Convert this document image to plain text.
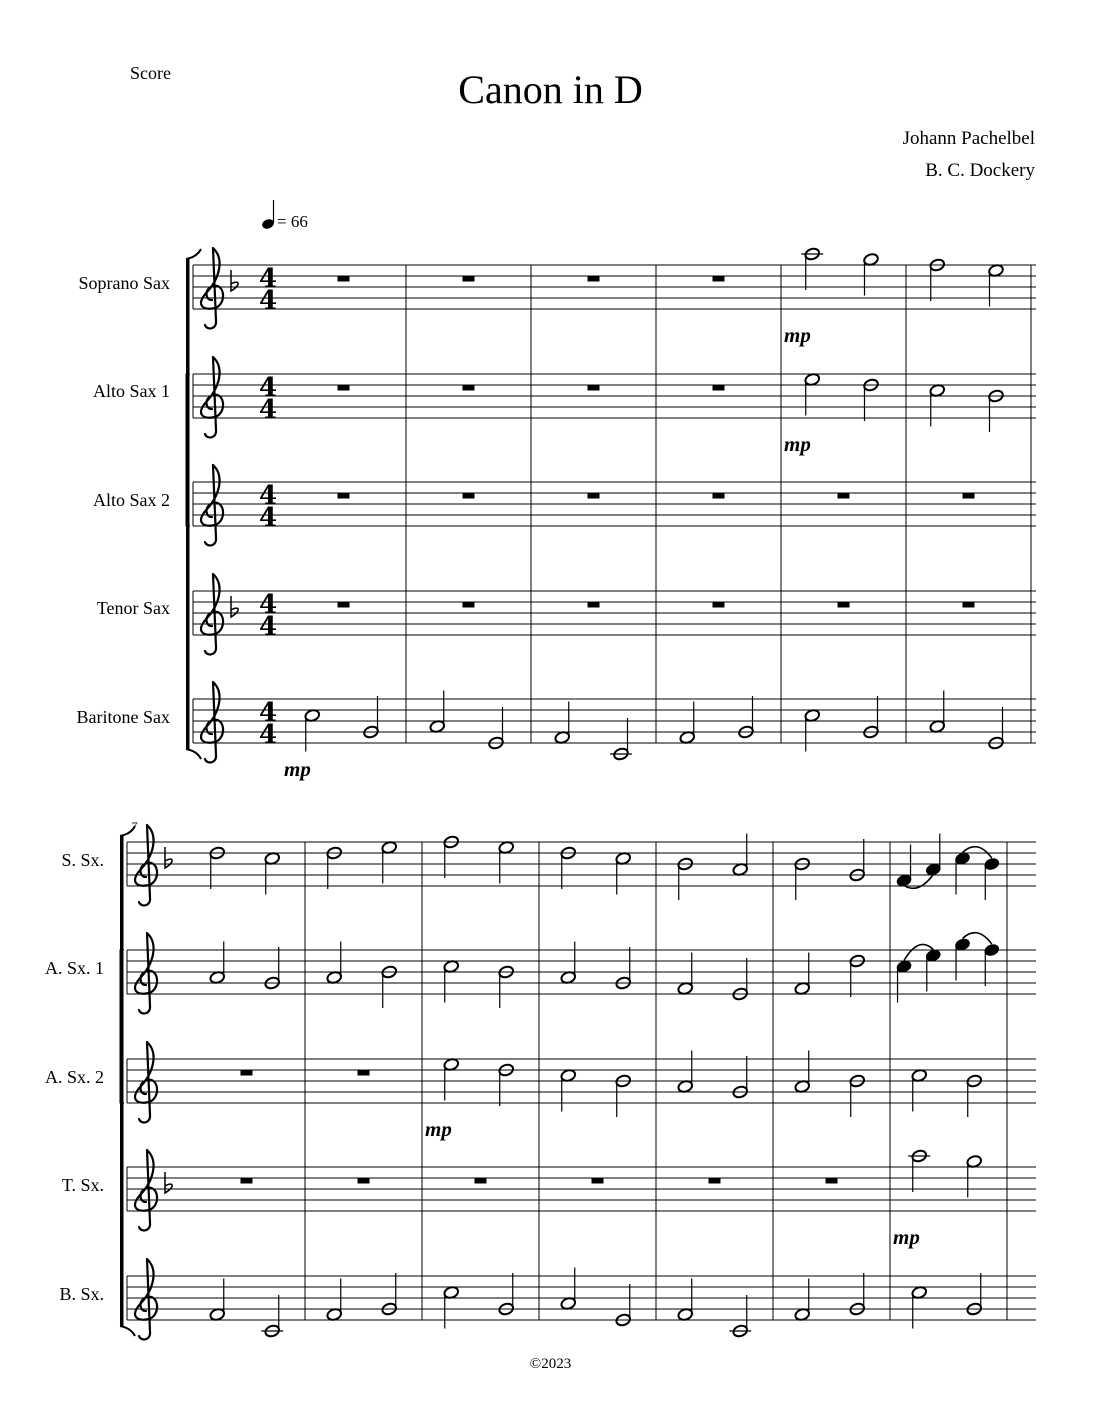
Score	Canon in D
Johann Pachelbel
B. C. Dockery
= 66
Soprano Sax
Alto Sax 1
Alto Sax 2
Tenor Sax
Baritone Sax
S. Sx.
A. Sx. 1
A. Sx. 2
T. Sx.
B. Sx.
©2023
4
4
mp
4
4
mp
4
4
4
4
4
4
mp
7
mp
mp
